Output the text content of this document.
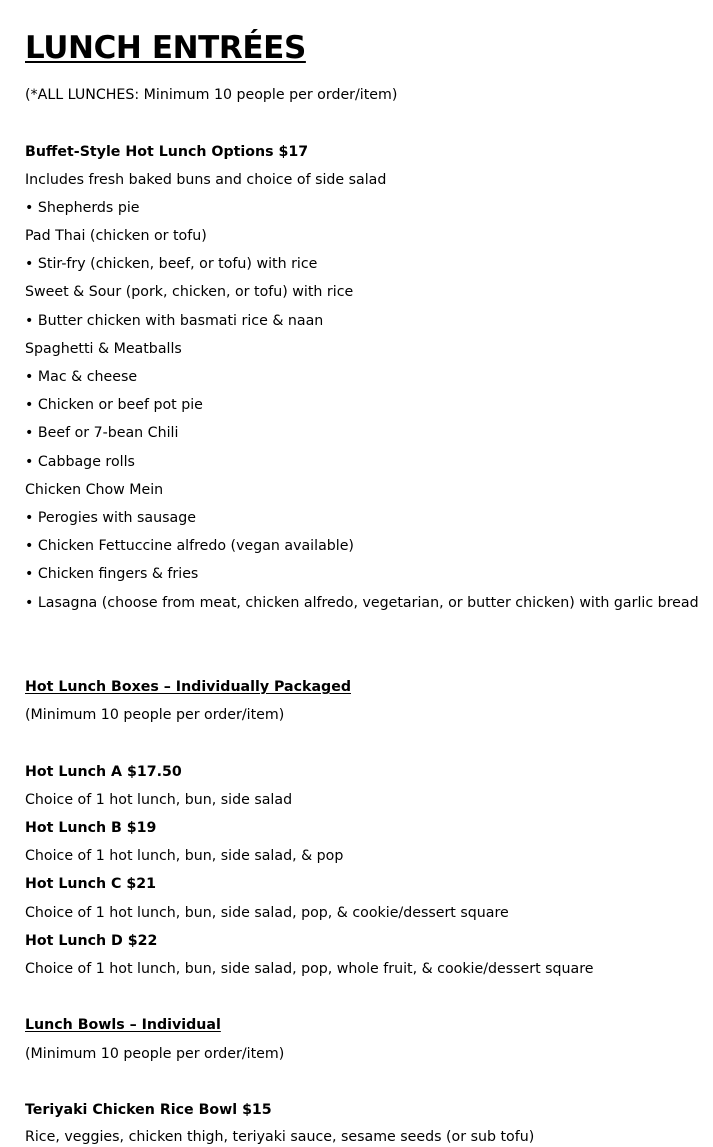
LUNCH ENTRÉES
(*ALL LUNCHES: Minimum 10 people per order/item)
Buffet-Style Hot Lunch Options $17
Includes fresh baked buns and choice of side salad
• Shepherds pie
Pad Thai (chicken or tofu)
• Stir-fry (chicken, beef, or tofu) with rice
Sweet & Sour (pork, chicken, or tofu) with rice
• Butter chicken with basmati rice & naan
Spaghetti & Meatballs
• Mac & cheese
• Chicken or beef pot pie
• Beef or 7-bean Chili
• Cabbage rolls
Chicken Chow Mein
• Perogies with sausage
• Chicken Fettuccine alfredo (vegan available)
• Chicken fingers & fries
• Lasagna (choose from meat, chicken alfredo, vegetarian, or butter chicken) with garlic bread
Hot Lunch Boxes – Individually Packaged
(Minimum 10 people per order/item)
Hot Lunch A $17.50
Choice of 1 hot lunch, bun, side salad
Hot Lunch B $19
Choice of 1 hot lunch, bun, side salad, & pop
Hot Lunch C $21
Choice of 1 hot lunch, bun, side salad, pop, & cookie/dessert square
Hot Lunch D $22
Choice of 1 hot lunch, bun, side salad, pop, whole fruit, & cookie/dessert square
Lunch Bowls – Individual
(Minimum 10 people per order/item)
Teriyaki Chicken Rice Bowl $15
Rice, veggies, chicken thigh, teriyaki sauce, sesame seeds (or sub tofu)
